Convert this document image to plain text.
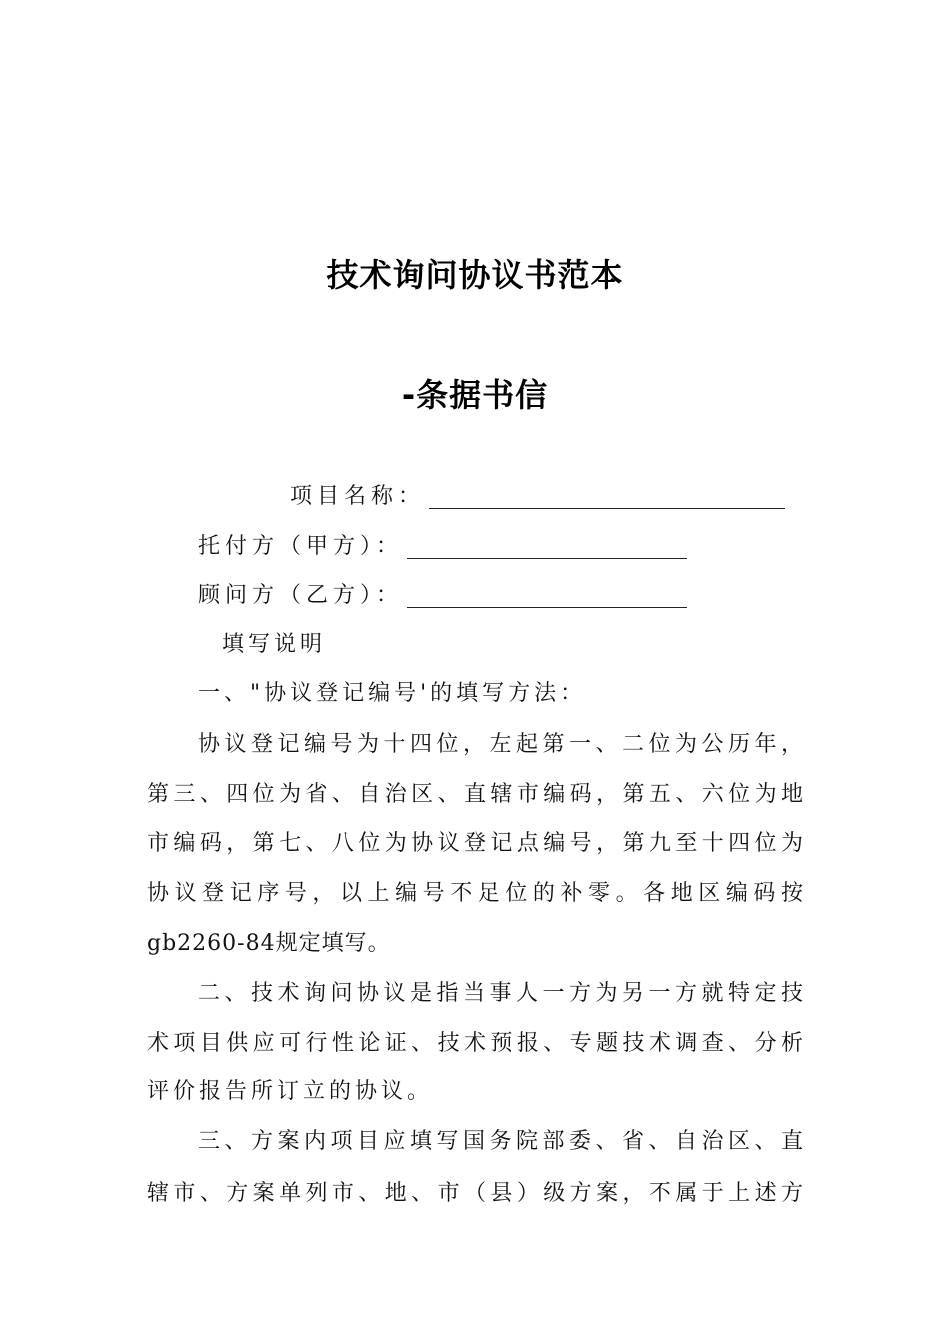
技术询问协议书范本
-条据书信
项目名称：
托付方（甲方）：
顾问方（乙方）：
填写说明
一、"协议登记编号'的填写方法：
协议登记编号为十四位，左起第一、二位为公历年，
第三、四位为省、自治区、直辖市编码，第五、六位为地
市编码，第七、八位为协议登记点编号，第九至十四位为
协议登记序号，以上编号不足位的补零。各地区编码按
gb2260-84规定填写。
二、技术询问协议是指当事人一方为另一方就特定技
术项目供应可行性论证、技术预报、专题技术调查、分析
评价报告所订立的协议。
三、方案内项目应填写国务院部委、省、自治区、直
辖市、方案单列市、地、市（县）级方案，不属于上述方
